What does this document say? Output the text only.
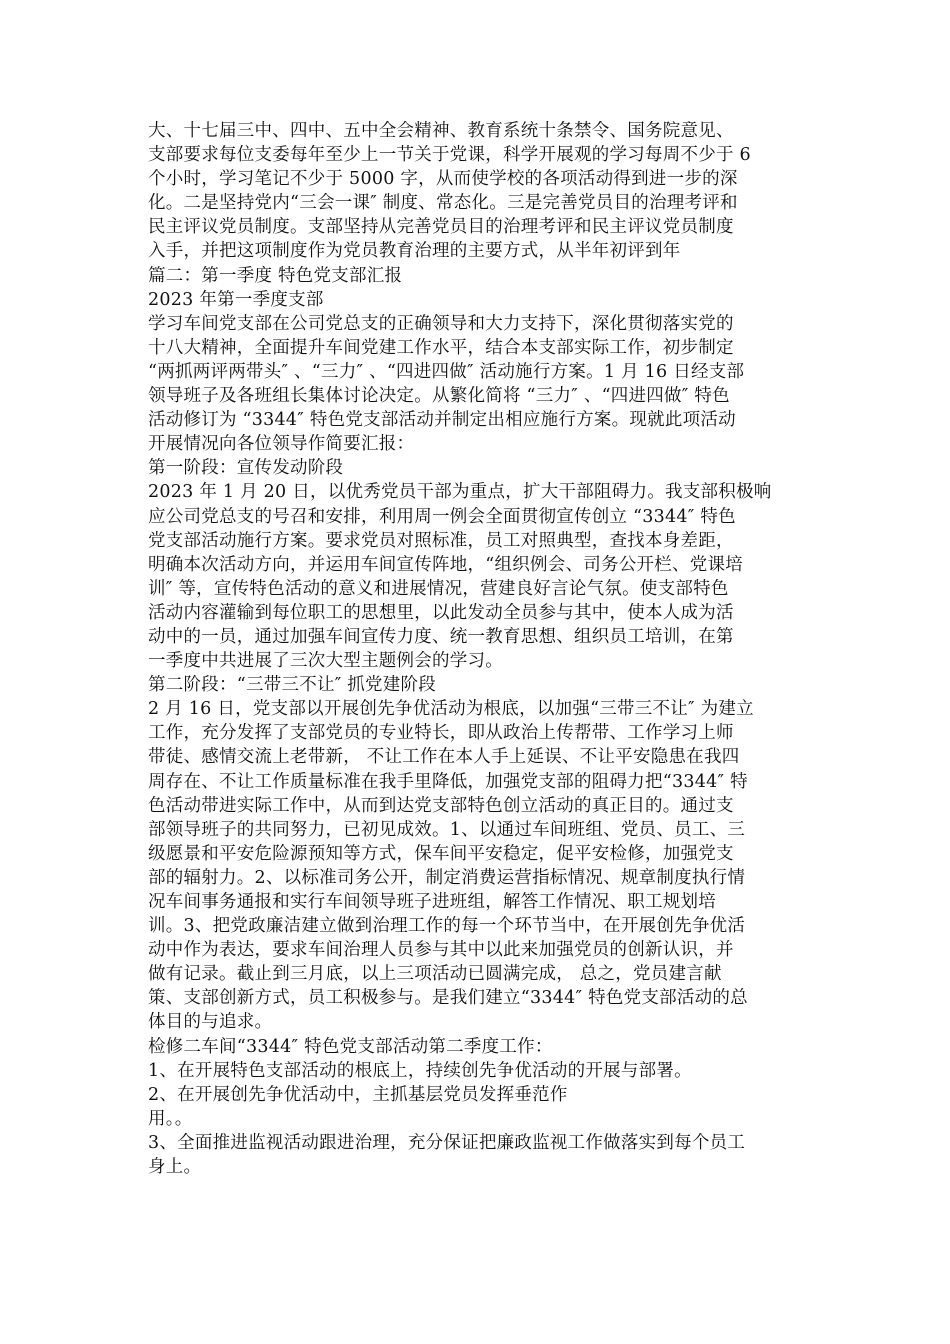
大、十七届三中、四中、五中全会精神、教育系统十条禁令、国务院意见、
支部要求每位支委每年至少上一节关于党课，科学开展观的学习每周不少于 6
个小时，学习笔记不少于 5000 字，从而使学校的各项活动得到进一步的深
化。二是坚持党内“三会一课″ 制度、常态化。三是完善党员目的治理考评和
民主评议党员制度。支部坚持从完善党员目的治理考评和民主评议党员制度
入手，并把这项制度作为党员教育治理的主要方式，从半年初评到年
篇二：第一季度 特色党支部汇报
2023 年第一季度支部
学习车间党支部在公司党总支的正确领导和大力支持下，深化贯彻落实党的
十八大精神，全面提升车间党建工作水平，结合本支部实际工作，初步制定
“两抓两评两带头″ 、“三力″ 、“四进四做″ 活动施行方案。1 月 16 日经支部
领导班子及各班组长集体讨论决定。从繁化简将 “三力″ 、“四进四做″ 特色
活动修订为 “3344″ 特色党支部活动并制定出相应施行方案。现就此项活动
开展情况向各位领导作简要汇报：
第一阶段：宣传发动阶段
2023 年 1 月 20 日，以优秀党员干部为重点，扩大干部阻碍力。我支部积极响
应公司党总支的号召和安排，利用周一例会全面贯彻宣传创立 “3344″ 特色
党支部活动施行方案。要求党员对照标准，员工对照典型，查找本身差距，
明确本次活动方向，并运用车间宣传阵地，“组织例会、司务公开栏、党课培
训″ 等，宣传特色活动的意义和进展情况，营建良好言论气氛。使支部特色
活动内容灌输到每位职工的思想里，以此发动全员参与其中，使本人成为活
动中的一员，通过加强车间宣传力度、统一教育思想、组织员工培训，在第
一季度中共进展了三次大型主题例会的学习。
第二阶段：“三带三不让″ 抓党建阶段
2 月 16 日，党支部以开展创先争优活动为根底，以加强“三带三不让″ 为建立
工作，充分发挥了支部党员的专业特长，即从政治上传帮带、工作学习上师
带徒、感情交流上老带新， 不让工作在本人手上延误、不让平安隐患在我四
周存在、不让工作质量标准在我手里降低，加强党支部的阻碍力把“3344″ 特
色活动带进实际工作中，从而到达党支部特色创立活动的真正目的。通过支
部领导班子的共同努力，已初见成效。1、以通过车间班组、党员、员工、三
级愿景和平安危险源预知等方式，保车间平安稳定，促平安检修，加强党支
部的辐射力。2、以标准司务公开，制定消费运营指标情况、规章制度执行情
况车间事务通报和实行车间领导班子进班组，解答工作情况、职工规划培
训。3、把党政廉洁建立做到治理工作的每一个环节当中，在开展创先争优活
动中作为表达，要求车间治理人员参与其中以此来加强党员的创新认识，并
做有记录。截止到三月底，以上三项活动已圆满完成， 总之，党员建言献
策、支部创新方式，员工积极参与。是我们建立“3344″ 特色党支部活动的总
体目的与追求。
检修二车间“3344″ 特色党支部活动第二季度工作：
1、在开展特色支部活动的根底上，持续创先争优活动的开展与部署。
2、在开展创先争优活动中，主抓基层党员发挥垂范作
用。。
3、全面推进监视活动跟进治理，充分保证把廉政监视工作做落实到每个员工
身上。
